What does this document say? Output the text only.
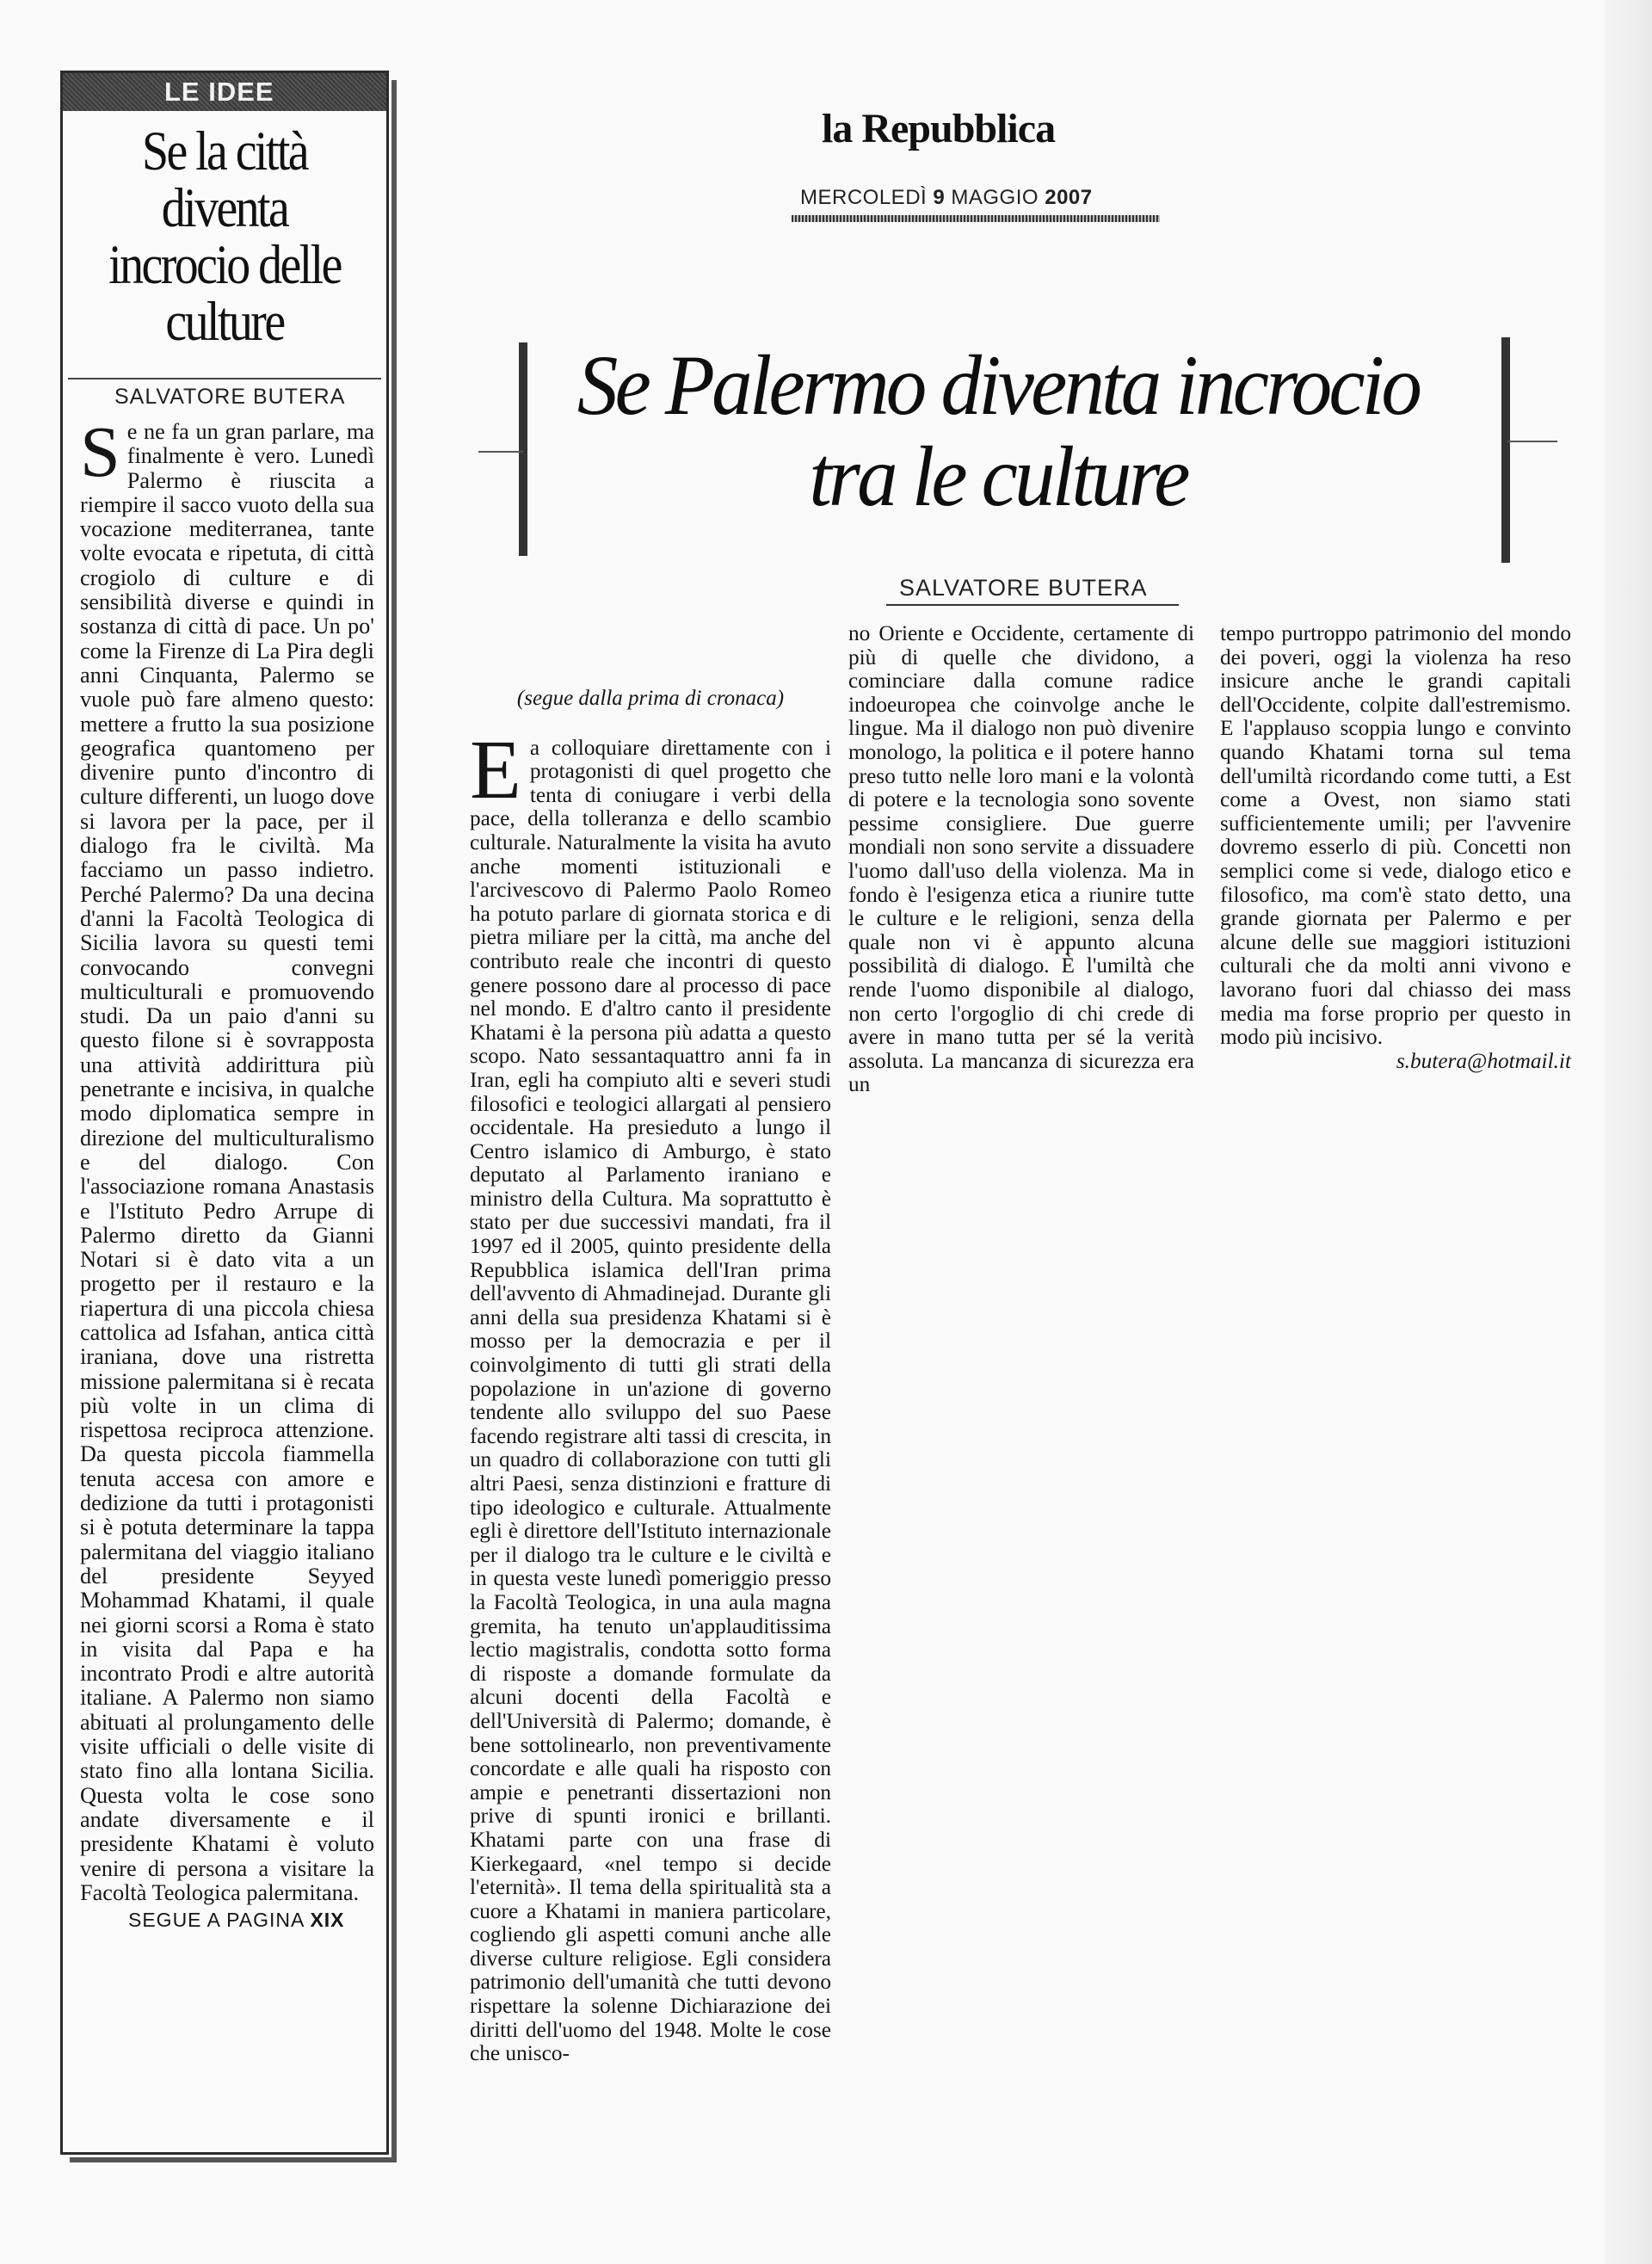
LE IDEE
Se la città diventa incrocio delle culture
SALVATORE BUTERA
S e ne fa un gran parlare, ma finalmente è vero. Lunedì Palermo è riuscita a riempire il sacco vuoto della sua vocazione mediterranea, tante volte evocata e ripetuta, di città crogiolo di culture e di sensibilità diverse e quindi in sostanza di città di pace. Un po' come la Firenze di La Pira degli anni Cinquanta, Palermo se vuole può fare almeno questo: mettere a frutto la sua posizione geografica quantomeno per divenire punto d'incontro di culture differenti, un luogo dove si lavora per la pace, per il dialogo fra le civiltà. Ma facciamo un passo indietro. Perché Palermo? Da una decina d'anni la Facoltà Teologica di Sicilia lavora su questi temi convocando convegni multiculturali e promuovendo studi. Da un paio d'anni su questo filone si è sovrapposta una attività addirittura più penetrante e incisiva, in qualche modo diplomatica sempre in direzione del multiculturalismo e del dialogo. Con l'associazione romana Anastasis e l'Istituto Pedro Arrupe di Palermo diretto da Gianni Notari si è dato vita a un progetto per il restauro e la riapertura di una piccola chiesa cattolica ad Isfahan, antica città iraniana, dove una ristretta missione palermitana si è recata più volte in un clima di rispettosa reciproca attenzione. Da questa piccola fiammella tenuta accesa con amore e dedizione da tutti i protagonisti si è potuta determinare la tappa palermitana del viaggio italiano del presidente Seyyed Mohammad Khatami, il quale nei giorni scorsi a Roma è stato in visita dal Papa e ha incontrato Prodi e altre autorità italiane. A Palermo non siamo abituati al prolungamento delle visite ufficiali o delle visite di stato fino alla lontana Sicilia. Questa volta le cose sono andate diversamente e il presidente Khatami è voluto venire di persona a visitare la Facoltà Teologica palermitana.
SEGUE A PAGINA XIX
la Repubblica
MERCOLEDÌ 9 MAGGIO 2007
Se Palermo diventa incrocio tra le culture
SALVATORE BUTERA
(segue dalla prima di cronaca)
E a colloquiare direttamente con i protagonisti di quel progetto che tenta di coniugare i verbi della pace, della tolleranza e dello scambio culturale. Naturalmente la visita ha avuto anche momenti istituzionali e l'arcivescovo di Palermo Paolo Romeo ha potuto parlare di giornata storica e di pietra miliare per la città, ma anche del contributo reale che incontri di questo genere possono dare al processo di pace nel mondo. E d'altro canto il presidente Khatami è la persona più adatta a questo scopo. Nato sessantaquattro anni fa in Iran, egli ha compiuto alti e severi studi filosofici e teologici allargati al pensiero occidentale. Ha presieduto a lungo il Centro islamico di Amburgo, è stato deputato al Parlamento iraniano e ministro della Cultura. Ma soprattutto è stato per due successivi mandati, fra il 1997 ed il 2005, quinto presidente della Repubblica islamica dell'Iran prima dell'avvento di Ahmadinejad. Durante gli anni della sua presidenza Khatami si è mosso per la democrazia e per il coinvolgimento di tutti gli strati della popolazione in un'azione di governo tendente allo sviluppo del suo Paese facendo registrare alti tassi di crescita, in un quadro di collaborazione con tutti gli altri Paesi, senza distinzioni e fratture di tipo ideologico e culturale. Attualmente egli è direttore dell'Istituto internazionale per il dialogo tra le culture e le civiltà e in questa veste lunedì pomeriggio presso la Facoltà Teologica, in una aula magna gremita, ha tenuto un'applauditissima lectio magistralis, condotta sotto forma di risposte a domande formulate da alcuni docenti della Facoltà e dell'Università di Palermo; domande, è bene sottolinearlo, non preventivamente concordate e alle quali ha risposto con ampie e penetranti dissertazioni non prive di spunti ironici e brillanti. Khatami parte con una frase di Kierkegaard, «nel tempo si decide l'eternità». Il tema della spiritualità sta a cuore a Khatami in maniera particolare, cogliendo gli aspetti comuni anche alle diverse culture religiose. Egli considera patrimonio dell'umanità che tutti devono rispettare la solenne Dichiarazione dei diritti dell'uomo del 1948. Molte le cose che unisco-
no Oriente e Occidente, certamente di più di quelle che dividono, a cominciare dalla comune radice indoeuropea che coinvolge anche le lingue. Ma il dialogo non può divenire monologo, la politica e il potere hanno preso tutto nelle loro mani e la volontà di potere e la tecnologia sono sovente pessime consigliere. Due guerre mondiali non sono servite a dissuadere l'uomo dall'uso della violenza. Ma in fondo è l'esigenza etica a riunire tutte le culture e le religioni, senza della quale non vi è appunto alcuna possibilità di dialogo. È l'umiltà che rende l'uomo disponibile al dialogo, non certo l'orgoglio di chi crede di avere in mano tutta per sé la verità assoluta. La mancanza di sicurezza era un
tempo purtroppo patrimonio del mondo dei poveri, oggi la violenza ha reso insicure anche le grandi capitali dell'Occidente, colpite dall'estremismo. E l'applauso scoppia lungo e convinto quando Khatami torna sul tema dell'umiltà ricordando come tutti, a Est come a Ovest, non siamo stati sufficientemente umili; per l'avvenire dovremo esserlo di più. Concetti non semplici come si vede, dialogo etico e filosofico, ma com'è stato detto, una grande giornata per Palermo e per alcune delle sue maggiori istituzioni culturali che da molti anni vivono e lavorano fuori dal chiasso dei mass media ma forse proprio per questo in modo più incisivo.
s.butera@hotmail.it
